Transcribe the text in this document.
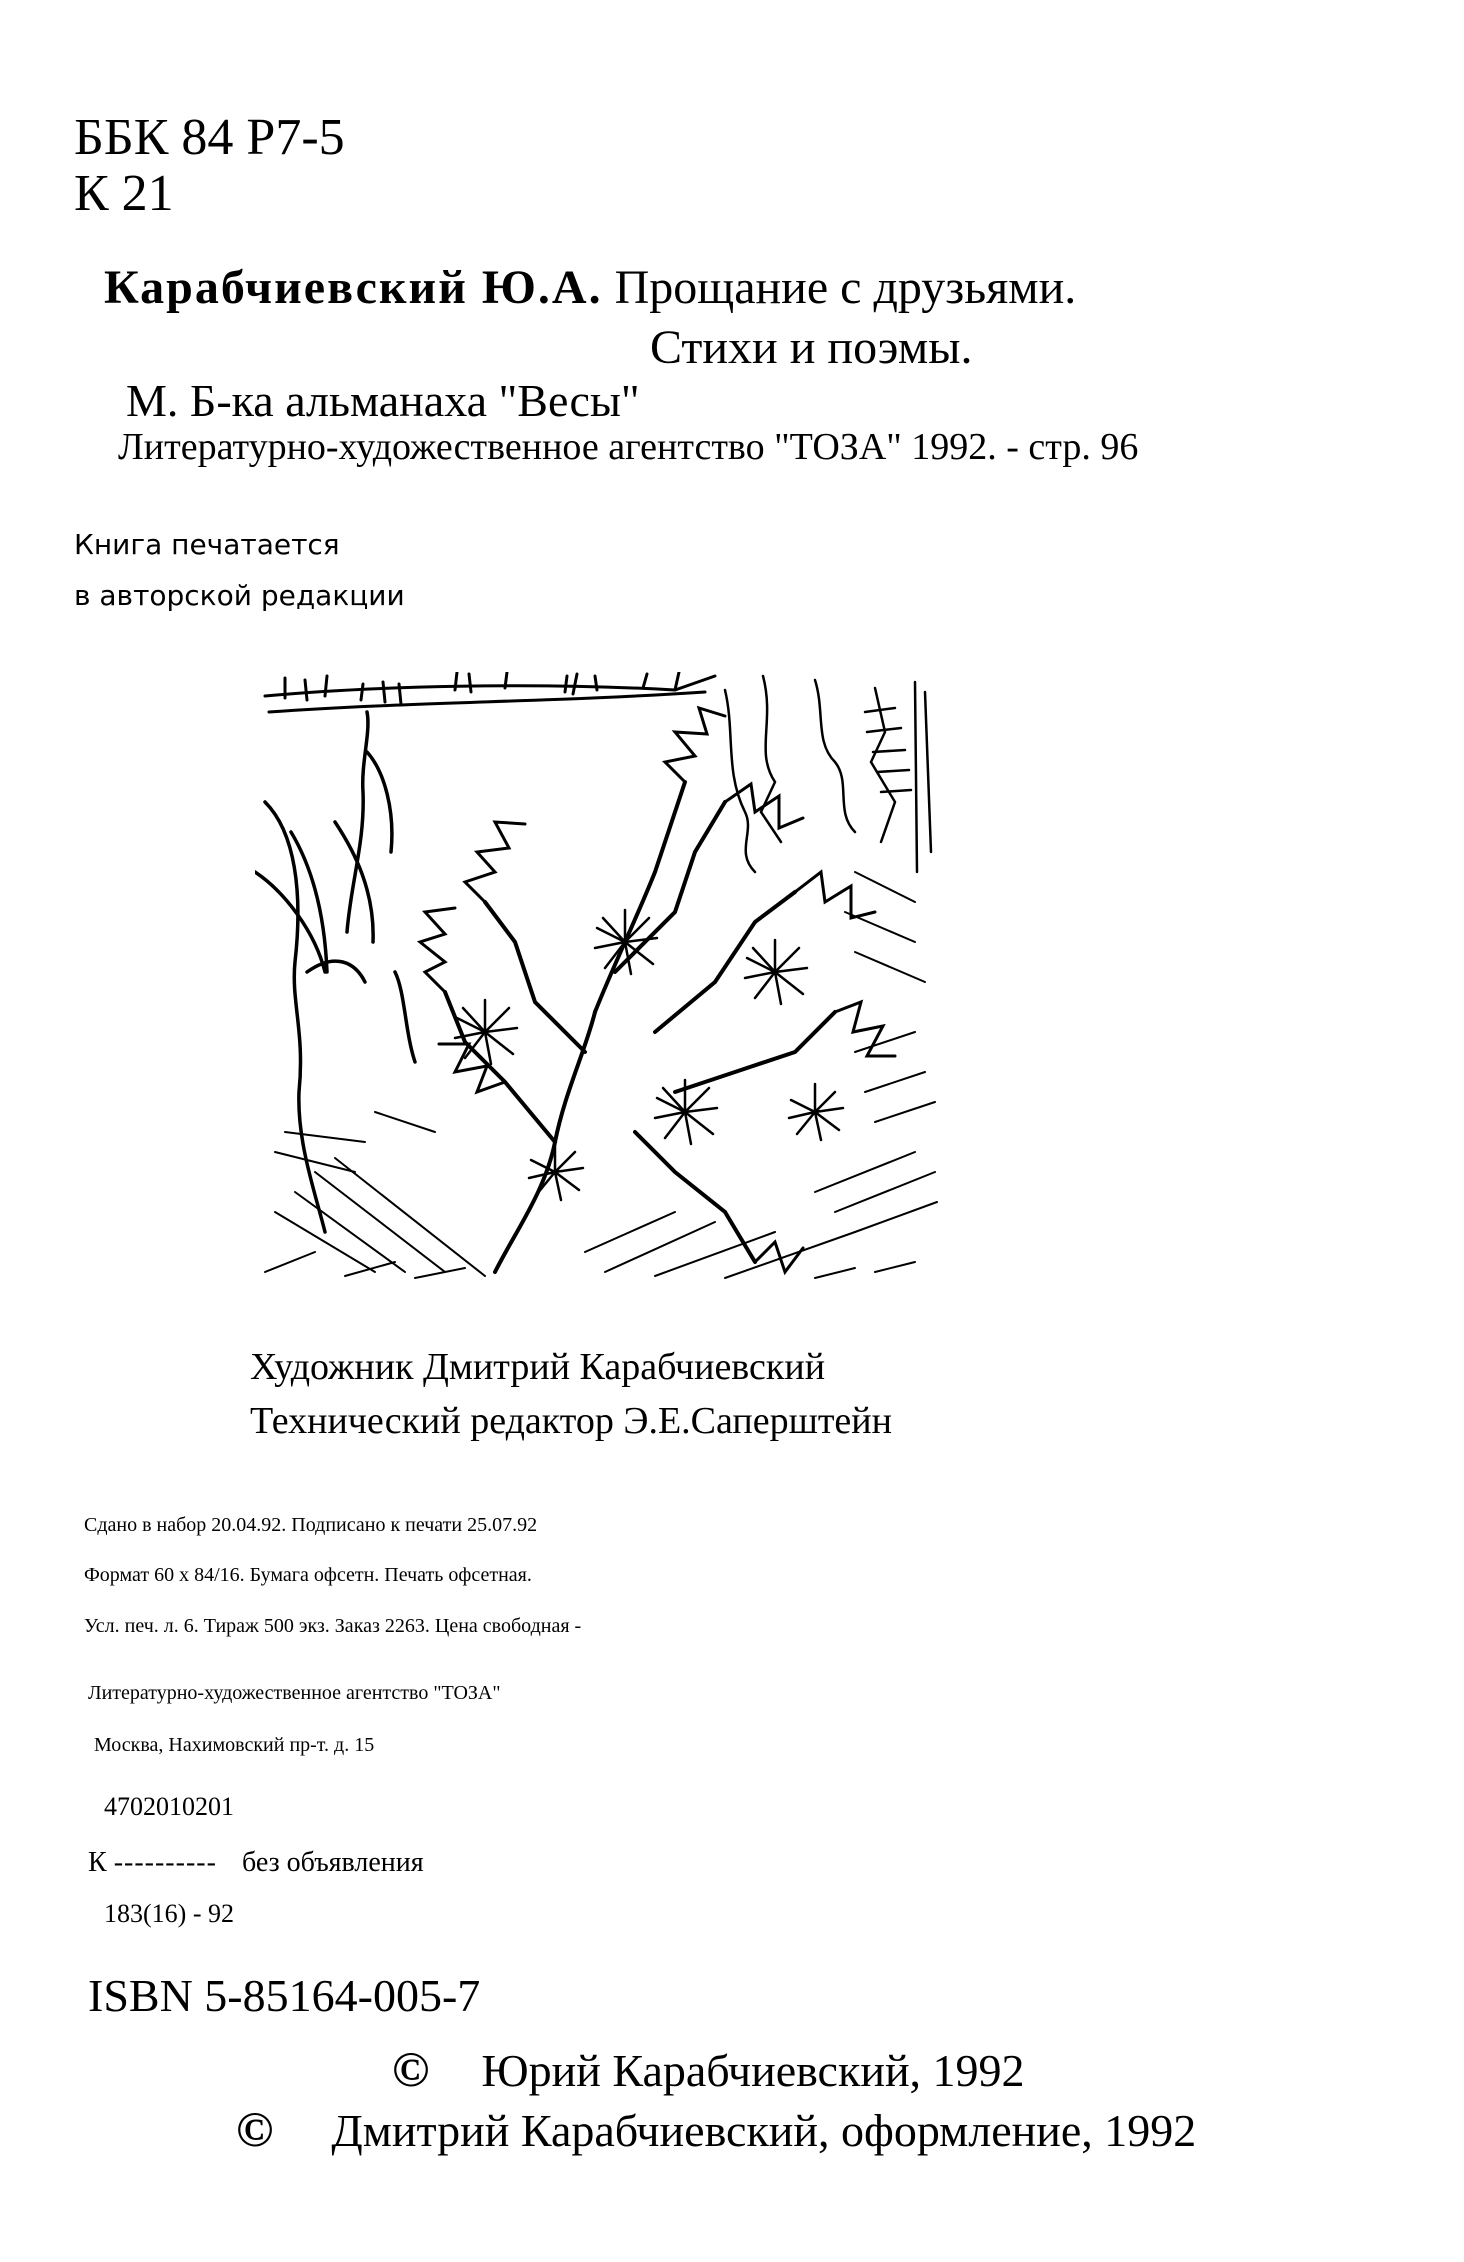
ББК 84 Р7-5
К 21
Карабчиевский Ю.А. Прощание с друзьями.
Стихи и поэмы.
М. Б-ка альманаха "Весы"
Литературно-художественное агентство "ТОЗА" 1992. - стр. 96
Книга печатается
в авторской редакции
Художник Дмитрий Карабчиевский
Технический редактор Э.Е.Саперштейн
Сдано в набор 20.04.92. Подписано к печати 25.07.92
Формат 60 х 84/16. Бумага офсетн. Печать офсетная.
Усл. печ. л. 6. Тираж 500 экз. Заказ 2263. Цена свободная -
Литературно-художественное агентство "ТОЗА"
Москва, Нахимовский пр-т. д. 15
4702010201
К ---------- без объявления
183(16) - 92
ISBN 5-85164-005-7
© Юрий Карабчиевский, 1992
© Дмитрий Карабчиевский, оформление, 1992
